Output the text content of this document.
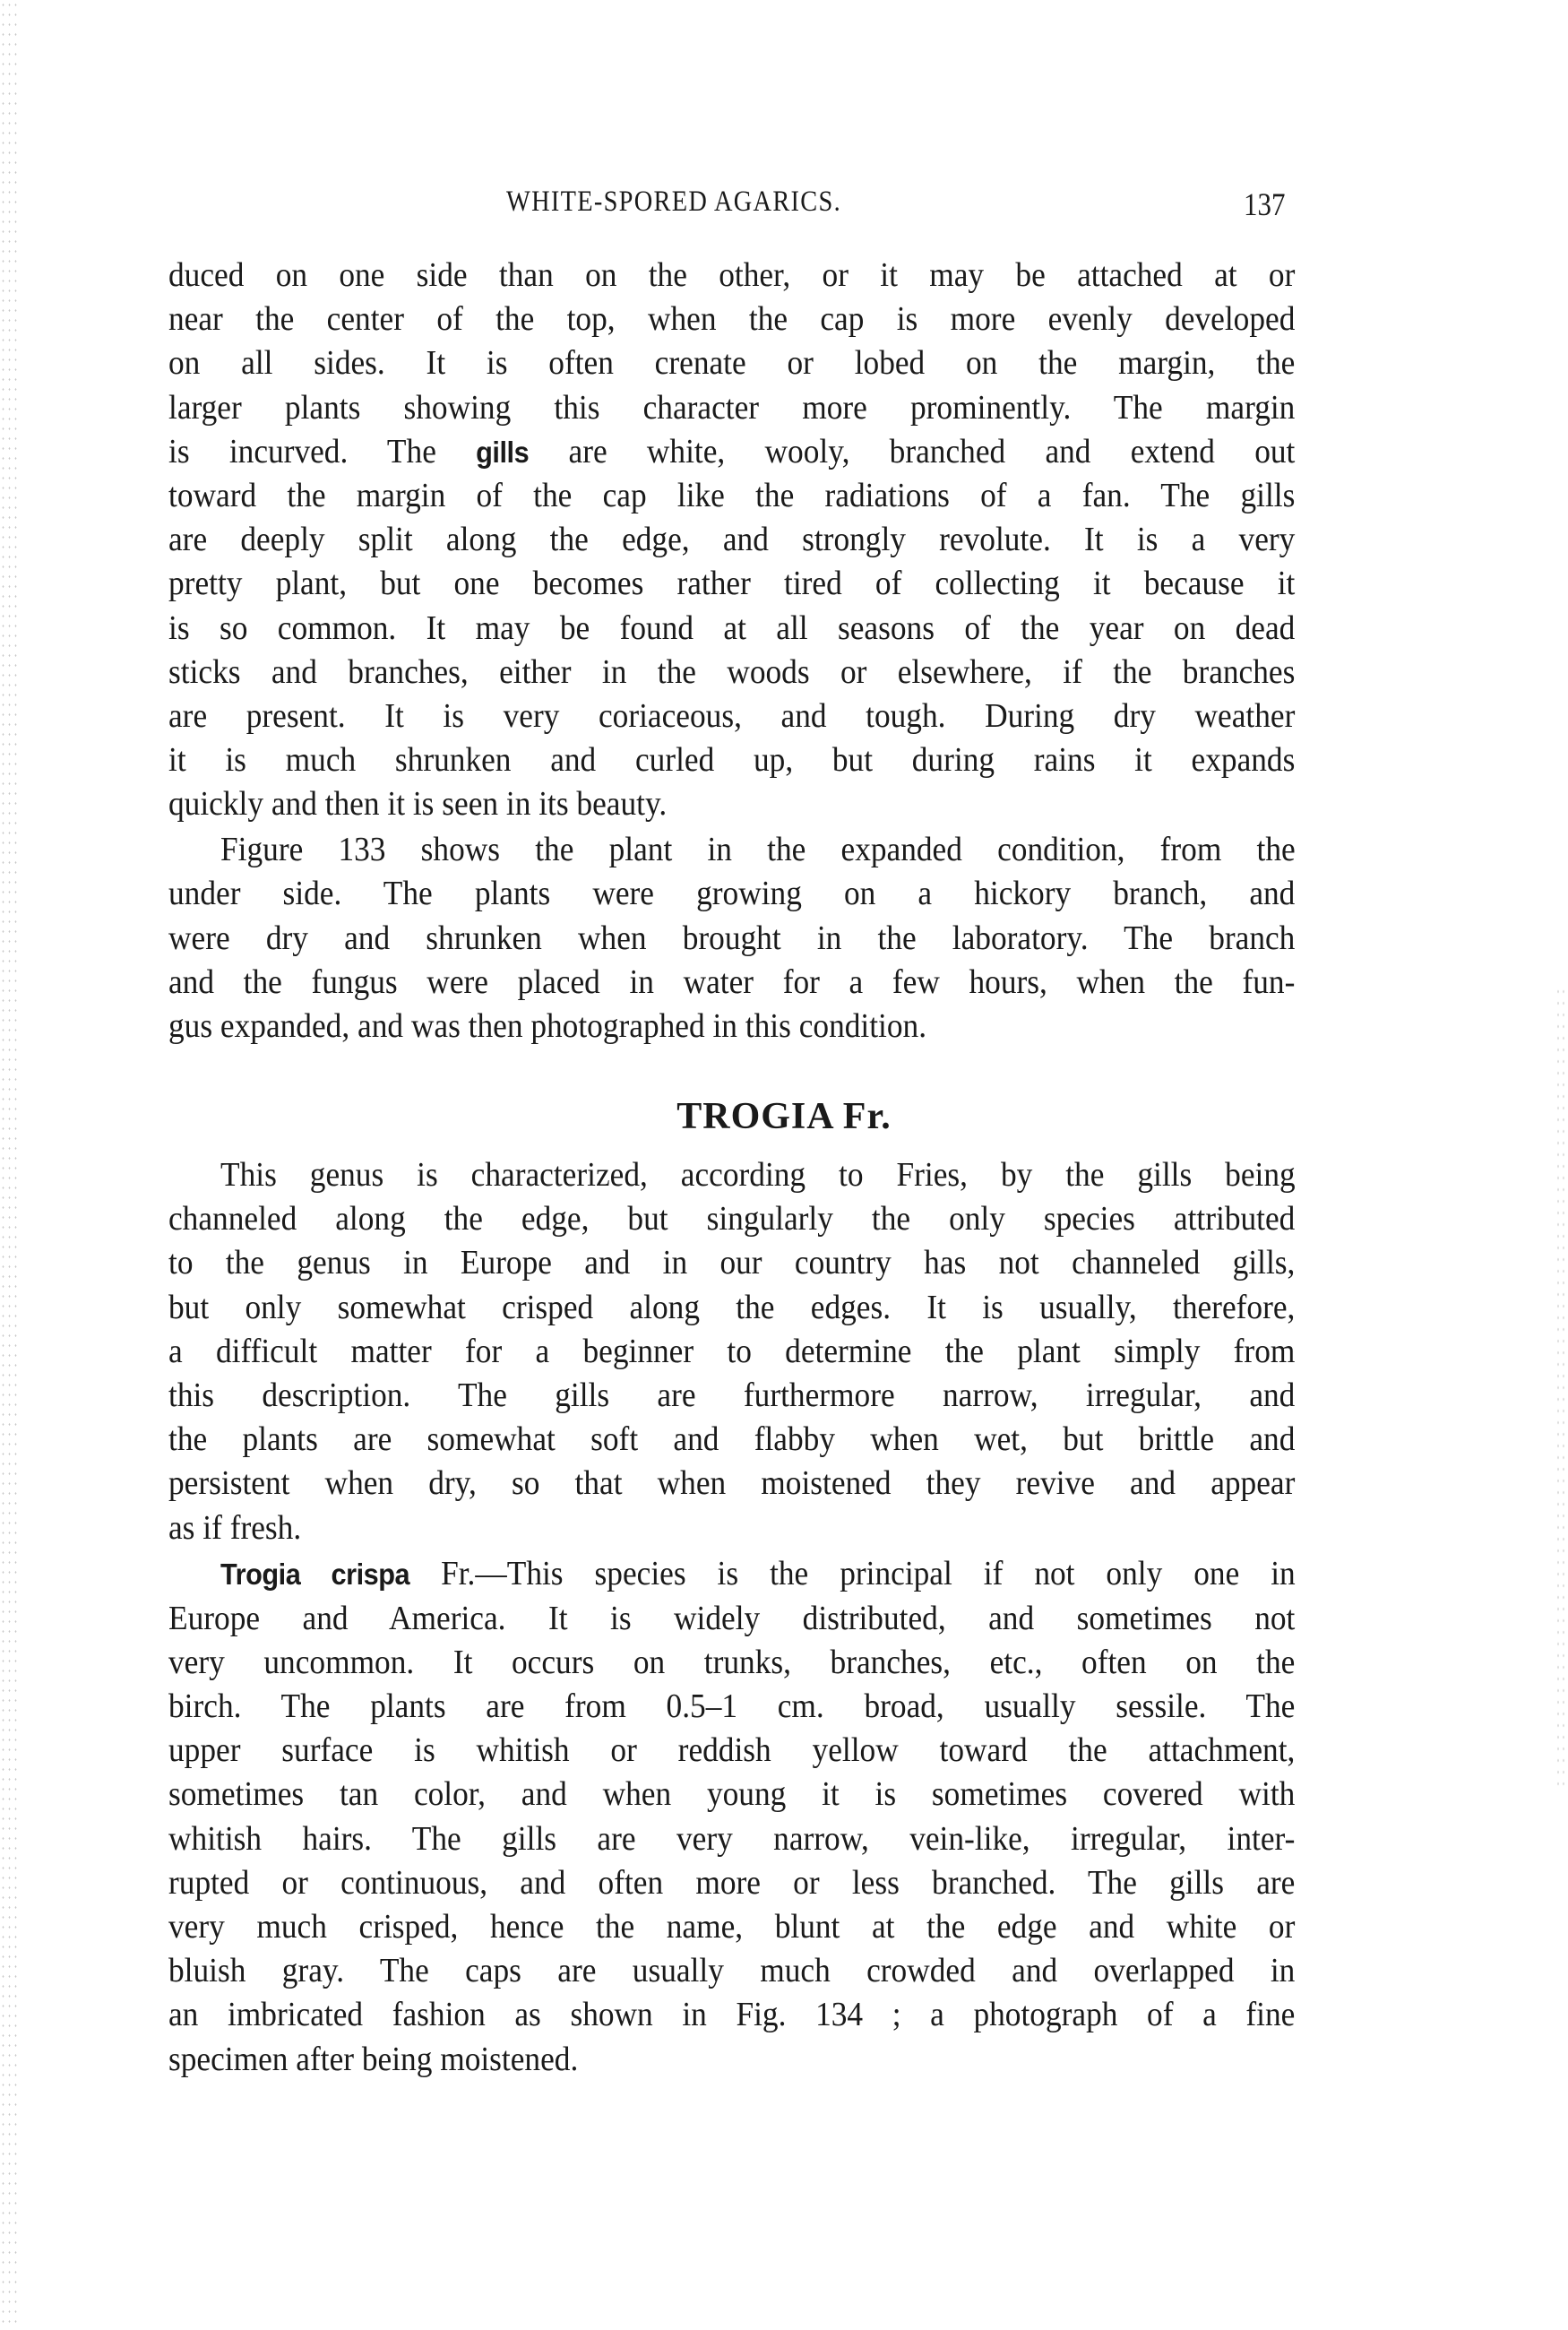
WHITE-SPORED AGARICS.	137
duced on one side than on the other, or it may be attached at or
near the center of the top, when the cap is more evenly developed
on all sides. It is often crenate or lobed on the margin, the
larger plants showing this character more prominently. The margin
is incurved. The gills are white, wooly, branched and extend out
toward the margin of the cap like the radiations of a fan. The gills
are deeply split along the edge, and strongly revolute. It is a very
pretty plant, but one becomes rather tired of collecting it because it
is so common. It may be found at all seasons of the year on dead
sticks and branches, either in the woods or elsewhere, if the branches
are present. It is very coriaceous, and tough. During dry weather
it is much shrunken and curled up, but during rains it expands
quickly and then it is seen in its beauty.
Figure 133 shows the plant in the expanded condition, from the
under side. The plants were growing on a hickory branch, and
were dry and shrunken when brought in the laboratory. The branch
and the fungus were placed in water for a few hours, when the fun-
gus expanded, and was then photographed in this condition.
This genus is characterized, according to Fries, by the gills being
channeled along the edge, but singularly the only species attributed
to the genus in Europe and in our country has not channeled gills,
but only somewhat crisped along the edges. It is usually, therefore,
a difficult matter for a beginner to determine the plant simply from
this description. The gills are furthermore narrow, irregular, and
the plants are somewhat soft and flabby when wet, but brittle and
persistent when dry, so that when moistened they revive and appear
as if fresh.
Trogia crispa Fr.—This species is the principal if not only one in
Europe and America. It is widely distributed, and sometimes not
very uncommon. It occurs on trunks, branches, etc., often on the
birch. The plants are from 0.5–1 cm. broad, usually sessile. The
upper surface is whitish or reddish yellow toward the attachment,
sometimes tan color, and when young it is sometimes covered with
whitish hairs. The gills are very narrow, vein-like, irregular, inter-
rupted or continuous, and often more or less branched. The gills are
very much crisped, hence the name, blunt at the edge and white or
bluish gray. The caps are usually much crowded and overlapped in
an imbricated fashion as shown in Fig. 134 ; a photograph of a fine
specimen after being moistened.
TROGIA Fr.
